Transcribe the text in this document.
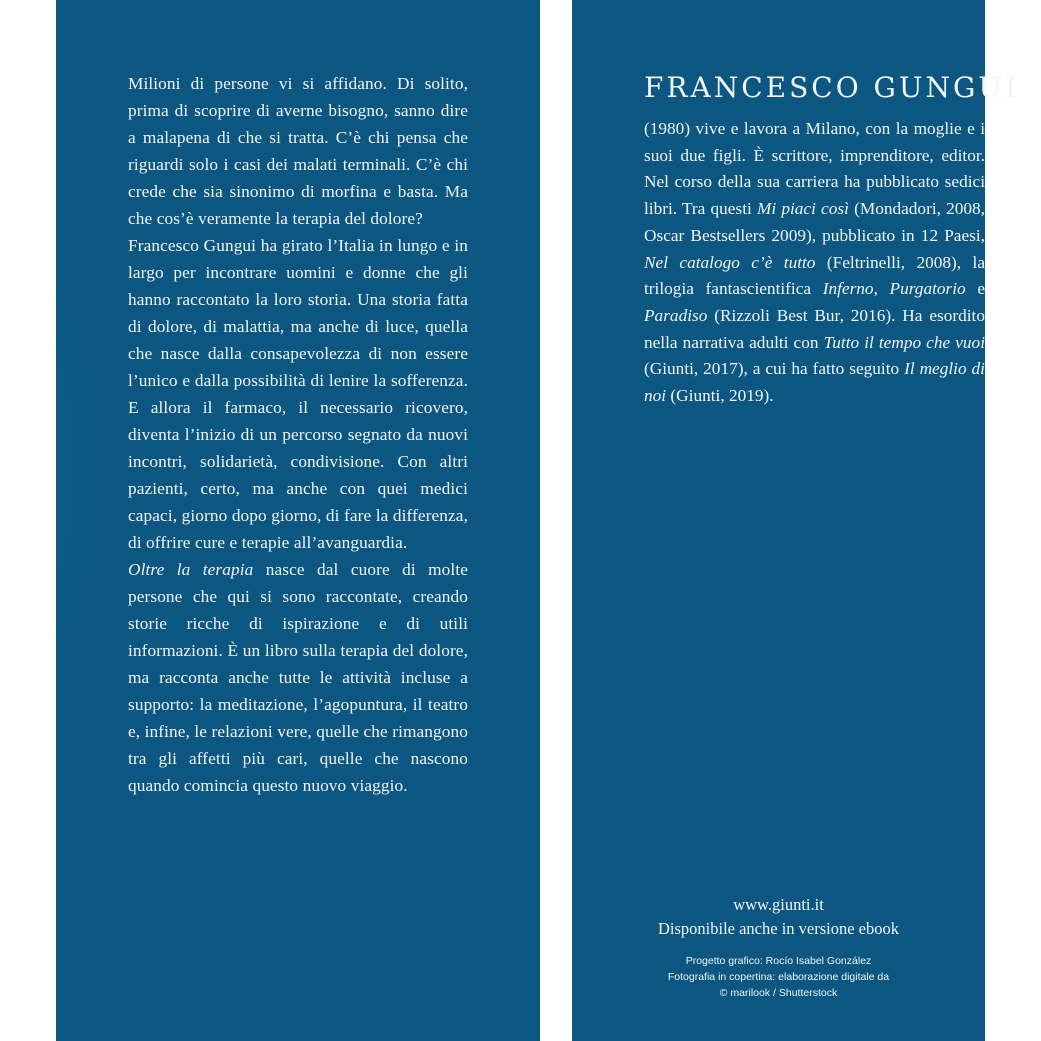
Milioni di persone vi si affidano. Di solito, prima di scoprire di averne bisogno, sanno dire a malapena di che si tratta. C’è chi pensa che riguardi solo i casi dei malati terminali. C’è chi crede che sia sinonimo di morfina e basta. Ma che cos’è veramente la terapia del dolore?

Francesco Gungui ha girato l’Italia in lungo e in largo per incontrare uomini e donne che gli hanno raccontato la loro storia. Una storia fatta di dolore, di malattia, ma anche di luce, quella che nasce dalla consapevolezza di non essere l’unico e dalla possibilità di lenire la sofferenza. E allora il farmaco, il necessario ricovero, diventa l’inizio di un percorso segnato da nuovi incontri, solidarietà, condivisione. Con altri pazienti, certo, ma anche con quei medici capaci, giorno dopo giorno, di fare la differenza, di offrire cure e terapie all’avanguardia.

Oltre la terapia nasce dal cuore di molte persone che qui si sono raccontate, creando storie ricche di ispirazione e di utili informazioni. È un libro sulla terapia del dolore, ma racconta anche tutte le attività incluse a supporto: la meditazione, l’agopuntura, il teatro e, infine, le relazioni vere, quelle che rimangono tra gli affetti più cari, quelle che nascono quando comincia questo nuovo viaggio.

FRANCESCO GUNGUI

(1980) vive e lavora a Milano, con la moglie e i suoi due figli. È scrittore, imprenditore, editor. Nel corso della sua carriera ha pubblicato sedici libri. Tra questi Mi piaci così (Mondadori, 2008, Oscar Bestsellers 2009), pubblicato in 12 Paesi, Nel catalogo c’è tutto (Feltrinelli, 2008), la trilogia fantascientifica Inferno, Purgatorio e Paradiso (Rizzoli Best Bur, 2016). Ha esordito nella narrativa adulti con Tutto il tempo che vuoi (Giunti, 2017), a cui ha fatto seguito Il meglio di noi (Giunti, 2019).

www.giunti.it
Disponibile anche in versione ebook
Progetto grafico: Rocío Isabel González
Fotografia in copertina: elaborazione digitale da
© marilook / Shutterstock
